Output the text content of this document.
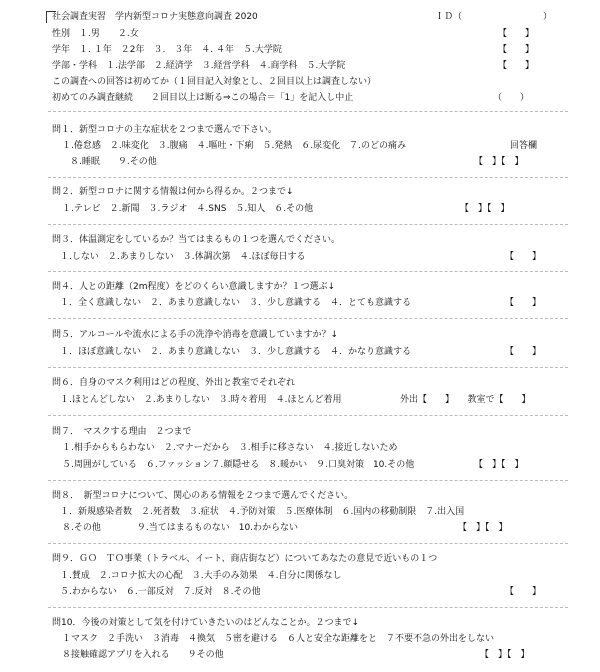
社会調査実習　学内新型コロナ実態意向調査 2020	ＩＤ（　　　　　　　　　）
性別　１.男　　２.女	【　　】
学年　１. １年　２2年　３.　３年　４. ４年　５.大学院	【　　】
学部・学科　１.法学部　２.経済学　３.経営学科　４.商学科　５.大学院	【　　】
この調査への回答は初めてか（１回目記入対象とし、２回目以上は調査しない）
初めてのみ調査継続　　２回目以上は断る⇒この場合＝「1」を記入し中止	（　　）
問１．新型コロナの主な症状を２つまで選んで下さい。
１.倦怠感　２.味変化　３.腹痛　４.嘔吐・下痢　５.発熱　６.尿変化　７.のどの痛み	回答欄
８.睡眠　　９.その他	【　】【　】
問２．新型コロナに関する情報は何から得るか。２つまで↓
１.テレビ　２.新聞　３.ラジオ　４.SNS　５.知人　６.その他	【　】【　】
問３．体温測定をしているか？当てはまるもの１つを選んでください。
１.しない　２.あまりしない　３.体調次第　４.ほぼ毎日する	【　　】
問４．人との距離（2m程度）をどのくらい意識しますか？１つ選ぶ↓
１．全く意識しない　２．あまり意識しない　３．少し意識する　４．とても意識する	【　　】
問５．アルコールや流水による手の洗浄や消毒を意識していますか？↓
１．ほぼ意識しない　２．あまり意識しない　３．少し意識する　４．かなり意識する	【　　】
問６．自身のマスク利用はどの程度、外出と教室でそれぞれ
１.ほとんどしない　２.あまりしない　３.時々着用　４.ほとんど着用	外出【　　】　　教室で【　　】
問７．　マスクする理由　２つまで
１.相手からもらわない　２.マナーだから　３.相手に移さない　４.接近しないため
５.周囲がしている　６.ファッション７.顔隠せる　８.暖かい　９.口臭対策　10.その他	【　】【　】
問８．　新型コロナについて、関心のある情報を２つまで選んでください。
１．新規感染者数　２.死者数　３.症状　４.予防対策　５.医療体制　６.国内の移動制限　７.出入国
８.その他　　　　９.当てはまるものない　10.わからない	【　】【　】
問９．ＧＯ　ＴＯ事業（トラベル、イート、商店街など）についてあなたの意見で近いもの１つ
１.賛成　２.コロナ拡大の心配　３.大手のみ効果　４.自分に関係なし
５.わからない　６.一部反対　７.反対　８.その他	【　　】
問10．今後の対策として気を付けていきたいのはどんなことか。２つまで↓
１マスク　２手洗い　３消毒　４換気　５密を避ける　６人と安全な距離をと　７不要不急の外出をしない
８接触確認アプリを入れる　　９その他	【　】【　】
